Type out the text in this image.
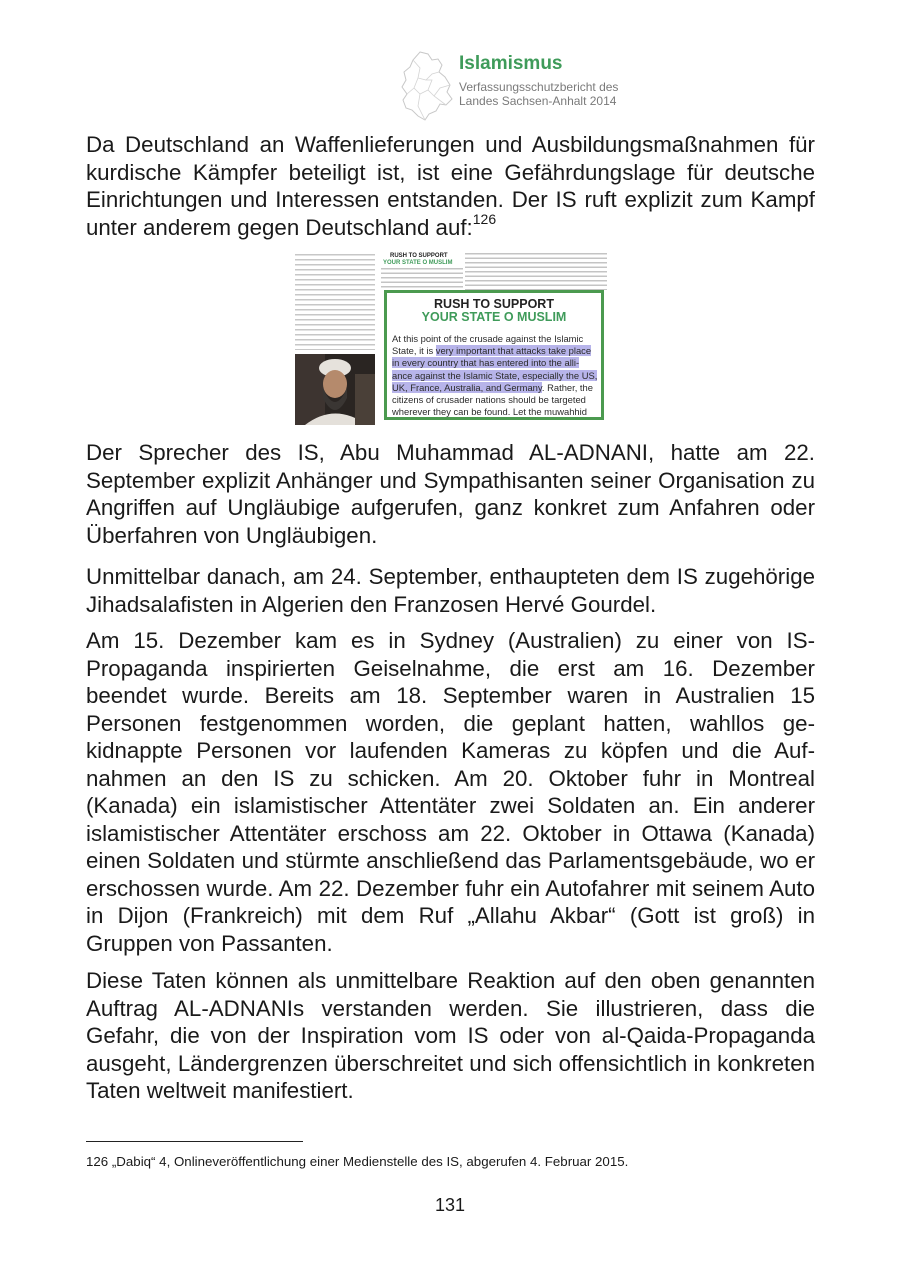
Islamismus
Verfassungsschutzbericht des
Landes Sachsen-Anhalt 2014

Da Deutschland an Waffenlieferungen und Ausbildungsmaßnahmen für kurdische Kämpfer beteiligt ist, ist eine Gefährdungslage für deutsche Einrichtungen und Interessen entstanden. Der IS ruft explizit zum Kampf unter anderem gegen Deutschland auf:$^{126}$

RUSH TO SUPPORT
YOUR STATE O MUSLIM
RUSH TO SUPPORT
YOUR STATE O MUSLIM
At this point of the crusade against the Islamic
State, it is very important that attacks take place
in every country that has entered into the alli-
ance against the Islamic State, especially the US,
UK, France, Australia, and Germany. Rather, the
citizens of crusader nations should be targeted
wherever they can be found. Let the muwahhid

Der Sprecher des IS, Abu Muhammad AL-ADNANI, hatte am 22. September explizit Anhänger und Sympathisanten seiner Organisation zu Angriffen auf Ungläubige aufgerufen, ganz konkret zum Anfahren oder Überfahren von Ungläubigen.

Unmittelbar danach, am 24. September, enthaupteten dem IS zugehörige Jihadsalafisten in Algerien den Franzosen Hervé Gourdel.

Am 15. Dezember kam es in Sydney (Australien) zu einer von IS-Propaganda inspirierten Geiselnahme, die erst am 16. Dezember beendet wurde. Bereits am 18. September waren in Australien 15 Personen festgenommen worden, die geplant hatten, wahllos gekidnappte Personen vor laufenden Kameras zu köpfen und die Aufnahmen an den IS zu schicken. Am 20. Oktober fuhr in Montreal (Kanada) ein islamistischer Attentäter zwei Soldaten an. Ein anderer islamistischer Attentäter erschoss am 22. Oktober in Ottawa (Kanada) einen Soldaten und stürmte anschließend das Parlamentsgebäude, wo er erschossen wurde. Am 22. Dezember fuhr ein Autofahrer mit seinem Auto in Dijon (Frankreich) mit dem Ruf „Allahu Akbar“ (Gott ist groß) in Gruppen von Passanten.

Diese Taten können als unmittelbare Reaktion auf den oben genannten Auftrag AL-ADNANIs verstanden werden. Sie illustrieren, dass die Gefahr, die von der Inspiration vom IS oder von al-Qaida-Propaganda ausgeht, Ländergrenzen überschreitet und sich offensichtlich in konkreten Taten weltweit manifestiert.

126 „Dabiq“ 4, Onlineveröffentlichung einer Medienstelle des IS, abgerufen 4. Februar 2015.
131
